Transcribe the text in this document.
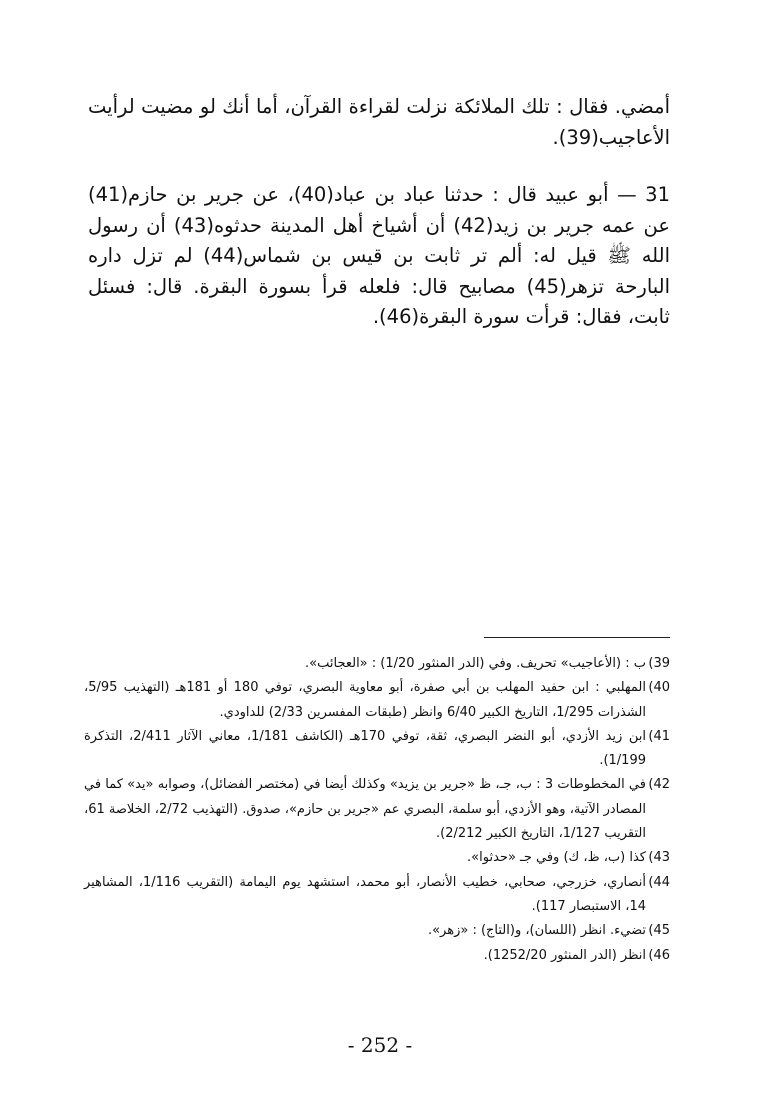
أمضي. فقال : تلك الملائكة نزلت لقراءة القرآن، أما أنك لو مضيت لرأيت الأعاجيب(39).

31 — أبو عبيد قال : حدثنا عباد بن عباد(40)، عن جرير بن حازم(41) عن عمه جرير بن زيد(42) أن أشياخ أهل المدينة حدثوه(43) أن رسول الله ﷺ قيل له: ألم تر ثابت بن قيس بن شماس(44) لم تزل داره البارحة تزهر(45) مصابيح قال: فلعله قرأ بسورة البقرة. قال: فسئل ثابت، فقال: قرأت سورة البقرة(46).

39)
ب : (الأعاجيب» تحريف. وفي (الدر المنثور 1/20) : «العجائب».
40)
المهلبي : ابن حفيد المهلب بن أبي صفرة، أبو معاوية البصري، توفي 180 أو 181هـ (التهذيب 5/95، الشذرات 1/295، التاريخ الكبير 6/40 وانظر (طبقات المفسرين 2/33) للداودي.
41)
ابن زيد الأزدي، أبو النضر البصري، ثقة، توفي 170هـ (الكاشف 1/181، معاني الآثار 2/411، التذكرة 1/199).
42)
في المخطوطات 3 : ب، جـ، ظ «جرير بن يزيد» وكذلك أيضا في (مختصر الفضائل)، وصوابه «يد» كما في المصادر الآتية، وهو الأزدي، أبو سلمة، البصري عم «جرير بن حازم»، صدوق. (التهذيب 2/72، الخلاصة 61، التقريب 1/127، التاريخ الكبير 2/212).
43)
كذا (ب، ظ، ك) وفي جـ «حدثوا».
44)
أنصاري، خزرجي، صحابي، خطيب الأنصار، أبو محمد، استشهد يوم اليمامة (التقريب 1/116، المشاهير 14، الاستبصار 117).
45)
تضيء. انظر (اللسان)، و(التاج) : «زهر».
46)
انظر (الدر المنثور 1252/20).
- 252 -
